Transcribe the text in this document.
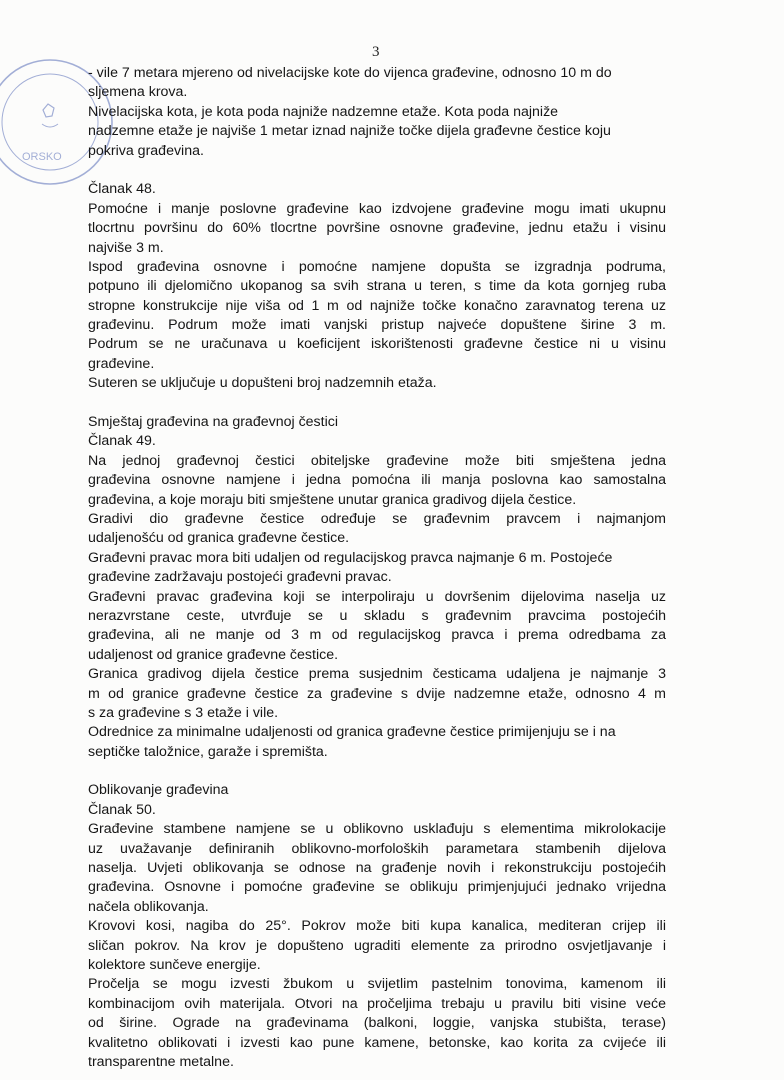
ORSKO
3
- vile 7 metara mjereno od nivelacijske kote do vijenca građevine, odnosno 10 m do
sljemena krova.
Nivelacijska kota, je kota poda najniže nadzemne etaže. Kota poda najniže
nadzemne etaže je najviše 1 metar iznad najniže točke dijela građevne čestice koju
pokriva građevina.
Članak 48.
Pomoćne i manje poslovne građevine kao izdvojene građevine mogu imati ukupnu
tlocrtnu površinu do 60% tlocrtne površine osnovne građevine, jednu etažu i visinu
najviše 3 m.
Ispod građevina osnovne i pomoćne namjene dopušta se izgradnja podruma,
potpuno ili djelomično ukopanog sa svih strana u teren, s time da kota gornjeg ruba
stropne konstrukcije nije viša od 1 m od najniže točke konačno zaravnatog terena uz
građevinu. Podrum može imati vanjski pristup najveće dopuštene širine 3 m.
Podrum se ne uračunava u koeficijent iskorištenosti građevne čestice ni u visinu
građevine.
Suteren se uključuje u dopušteni broj nadzemnih etaža.
Smještaj građevina na građevnoj čestici
Članak 49.
Na jednoj građevnoj čestici obiteljske građevine može biti smještena jedna
građevina osnovne namjene i jedna pomoćna ili manja poslovna kao samostalna
građevina, a koje moraju biti smještene unutar granica gradivog dijela čestice.
Gradivi dio građevne čestice određuje se građevnim pravcem i najmanjom
udaljenošću od granica građevne čestice.
Građevni pravac mora biti udaljen od regulacijskog pravca najmanje 6 m. Postojeće
građevine zadržavaju postojeći građevni pravac.
Građevni pravac građevina koji se interpoliraju u dovršenim dijelovima naselja uz
nerazvrstane ceste, utvrđuje se u skladu s građevnim pravcima postojećih
građevina, ali ne manje od 3 m od regulacijskog pravca i prema odredbama za
udaljenost od granice građevne čestice.
Granica gradivog dijela čestice prema susjednim česticama udaljena je najmanje 3
m od granice građevne čestice za građevine s dvije nadzemne etaže, odnosno 4 m
s za građevine s 3 etaže i vile.
Odrednice za minimalne udaljenosti od granica građevne čestice primijenjuju se i na
septičke taložnice, garaže i spremišta.
Oblikovanje građevina
Članak 50.
Građevine stambene namjene se u oblikovno usklađuju s elementima mikrolokacije
uz uvažavanje definiranih oblikovno-morfoloških parametara stambenih dijelova
naselja. Uvjeti oblikovanja se odnose na građenje novih i rekonstrukciju postojećih
građevina. Osnovne i pomoćne građevine se oblikuju primjenjujući jednako vrijedna
načela oblikovanja.
Krovovi kosi, nagiba do 25°. Pokrov može biti kupa kanalica, mediteran crijep ili
sličan pokrov. Na krov je dopušteno ugraditi elemente za prirodno osvjetljavanje i
kolektore sunčeve energije.
Pročelja se mogu izvesti žbukom u svijetlim pastelnim tonovima, kamenom ili
kombinacijom ovih materijala. Otvori na pročeljima trebaju u pravilu biti visine veće
od širine. Ograde na građevinama (balkoni, loggie, vanjska stubišta, terase)
kvalitetno oblikovati i izvesti kao pune kamene, betonske, kao korita za cvijeće ili
transparentne metalne.
